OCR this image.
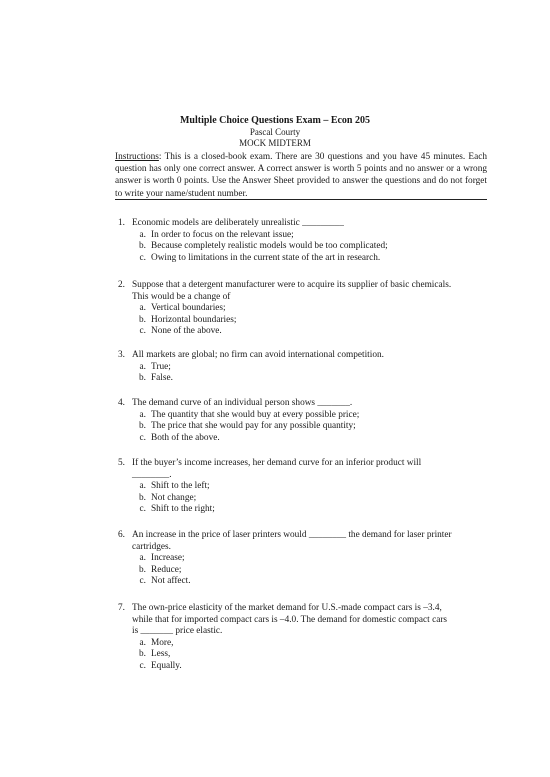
Multiple Choice Questions Exam – Econ 205
Pascal Courty
MOCK MIDTERM
Instructions: This is a closed-book exam. There are 30 questions and you have 45 minutes. Each question has only one correct answer. A correct answer is worth 5 points and no answer or a wrong answer is worth 0 points. Use the Answer Sheet provided to answer the questions and do not forget to write your name/student number.
1. Economic models are deliberately unrealistic _________
a. In order to focus on the relevant issue;
b. Because completely realistic models would be too complicated;
c. Owing to limitations in the current state of the art in research.
2. Suppose that a detergent manufacturer were to acquire its supplier of basic chemicals. This would be a change of
a. Vertical boundaries;
b. Horizontal boundaries;
c. None of the above.
3. All markets are global; no firm can avoid international competition.
a. True;
b. False.
4. The demand curve of an individual person shows _______.
a. The quantity that she would buy at every possible price;
b. The price that she would pay for any possible quantity;
c. Both of the above.
5. If the buyer’s income increases, her demand curve for an inferior product will ________.
a. Shift to the left;
b. Not change;
c. Shift to the right;
6. An increase in the price of laser printers would ________ the demand for laser printer cartridges.
a. Increase;
b. Reduce;
c. Not affect.
7. The own-price elasticity of the market demand for U.S.-made compact cars is –3.4, while that for imported compact cars is –4.0. The demand for domestic compact cars is _______ price elastic.
a. More,
b. Less,
c. Equally.
